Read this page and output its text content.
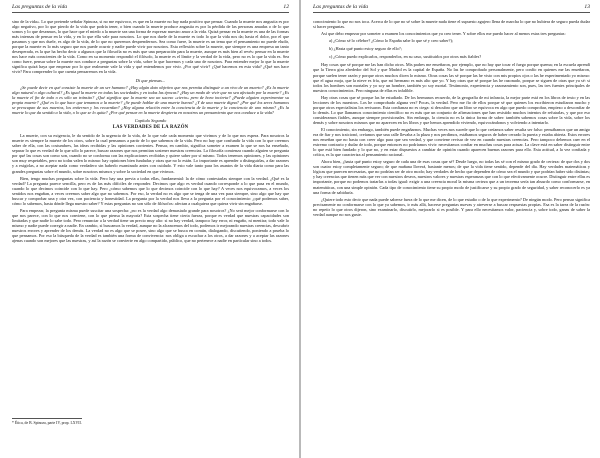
Las preguntas de la vida	12

sino de la vida». Lo que pretende señalar Spinoza, si no me equivoco, es que en la muerte no hay nada positivo que pensar. Cuando la muerte nos angustia es por algo negativo, por lo que pierdo de la vida que podría tener, o bien cuando la muerte produce angustia es por la pérdida de las personas amadas o de lo que somos y lo que deseamos, lo que hace que el miedo a la muerte sea una forma de expresar nuestro amor a la vida. Quizá pensar en la muerte es una de las formas más intensas de pensar en la vida, y en lo que ella vale para nosotros. Lo que nos duele de la muerte es todo lo que la vida nos da; hasta el dolor, por el que pasamos y que nos duele, es algo de la vida, de lo que no queremos desprendernos. Sea como fuere, la muerte es un tema que el pensamiento no puede eludir, porque la muerte es lo más seguro que nos puede ocurrir y nadie puede vivir por nosotros. Esta reflexión sobre la muerte, que siempre es una empresa un tanto desesperada, es la que ha hecho decir a algunos que la filosofía no es más que una preparación para la muerte, aunque es más bien al revés: pensar en la muerte nos hace más conscientes de la vida. Como en su momento respondió el filósofo, la muerte es el límite y la verdad de la vida, pero no es lo que la vida es. Sea como fuere, pensar sobre la muerte nos conduce a preguntas sobre la vida, sobre lo que hacemos y cada uno de nosotros. Para entender mejor lo que la muerte significa quizá haya que empezar por lo que realmente vale la vida y qué entendemos por vivir. ¿Por qué vivir? ¿Qué hacemos en esta vida? ¿Qué nos hace vivir? Para comprender lo que cuenta pensaremos en la vida.

Di que piensas...

¿Se puede decir en qué consiste la muerte de un ser humano? ¿Hay algún dato objetivo que nos permita distinguir a un vivo de un muerto? ¿Es la muerte algo natural o algo cultural? ¿Es igual la muerte en todas las sociedades y en todas las épocas? ¿Hay un modo de vivir que no sea afectado por la muerte? ¿Es la muerte el fin de todo o es sólo un tránsito? ¿Qué significa que la muerte sea un suceso «cierto» pero de hora incierta? ¿Puede alguien experimentar su propia muerte? ¿Qué es lo que hace que temamos a la muerte? ¿Se puede hablar de una muerte buena? ¿Y de una muerte digna? ¿Por qué los seres humanos se preocupan de sus muertos, los entierran y los recuerdan? ¿Hay alguna relación entre la conciencia de la muerte y la conciencia de uno mismo? ¿Es la muerte lo que da sentido a la vida, o lo que se lo quita? ¿Por qué pensar en la muerte despierta en nosotros un pensamiento que nos conduce a la vida?

Capítulo Segundo
LAS VERDADES DE LA RAZÓN

La muerte, con su exigencia, le da sentido de la urgencia de la vida, de lo que vale cada momento que vivimos y de lo que nos espera. Para nosotros la muerte es siempre la muerte de los otros, sobre la cual pensamos a partir de lo que sabemos de la vida. Pero no hay que confundir la vida con lo que creemos saber de ella, con las costumbres, las ideas recibidas y las opiniones corrientes. Pensar, en cambio, significa someter a examen lo que se nos ha enseñado, separar lo que es verdad de lo que sólo lo parece, buscar razones que nos permitan sostener nuestras creencias. La filosofía comienza cuando alguien se pregunta por qué las cosas son como son, cuando no se conforma con las explicaciones recibidas y quiere saber por sí mismo. Todos tenemos opiniones, y las opiniones son muy respetables, pero no todas valen lo mismo: hay opiniones bien fundadas y otras que no lo están. Lo importante es aprender a distinguirlas, a dar razones y a exigirlas, a no aceptar nada como verdadero sin haberlo examinado antes con cuidado. Y esto vale tanto para los asuntos de la vida diaria como para las grandes preguntas sobre el mundo, sobre nosotros mismos y sobre la sociedad en que vivimos.

Bien, tengo muchas preguntas sobre la vida. Pero hay una previa a todas ellas, fundamental: la de cómo contestarlas siempre con la verdad. ¿Qué es la verdad? La pregunta parece sencilla, pero es de las más difíciles de responder. Decimos que algo es verdad cuando corresponde a lo que pasa en el mundo, cuando lo que decimos coincide con lo que hay. Pero ¿cómo sabemos que lo que decimos coincide con lo que hay? A veces nos equivocamos, a veces los sentidos nos engañan, a veces creemos saber algo que no sabemos. Por eso, la verdad no es algo que se tenga de una vez para siempre, sino algo que hay que buscar y comprobar una y otra vez, con paciencia y honestidad. La pregunta por la verdad nos lleva a la pregunta por el conocimiento: ¿qué podemos saber, cómo lo sabemos, hasta dónde llega nuestro saber? Y estas preguntas no son sólo de filósofos: afectan a cualquiera que quiera vivir sin engañarse.

Para empezar, la pregunta misma puede suscitar una sospecha: ¿no es la verdad algo demasiado grande para nosotros? ¿No será mejor conformarse con lo que nos parece, con lo que nos conviene, con lo que piensa la mayoría? Esta sospecha tiene cierta fuerza, porque es verdad que nuestras capacidades son limitadas y que nadie lo sabe todo. Pero renunciar a la verdad tiene un precio muy alto: si no hay verdad, tampoco hay error, ni engaño, ni mentira; todo vale lo mismo y nadie puede corregir a nadie. En cambio, si buscamos la verdad, aunque no la alcancemos del todo, podemos ir mejorando nuestras creencias, descubrir nuestros errores y aprender de los demás. La verdad no es algo que se posee, sino algo que se busca en común, dialogando, discutiendo, poniendo a prueba lo que pensamos. Por eso la búsqueda de la verdad es también una forma de convivencia: nos obliga a escuchar a los otros, a dar razones y a aceptar las razones ajenas cuando son mejores que las nuestras, y así la razón se convierte en algo compartido, público, que no pertenece a nadie en particular sino a todos.

* Ética, de B. Spinoza, parte IV, prop. LXVII.
Las preguntas de la vida	13

conocimiento lo que no nos toca. Acerca de lo que no sé sobre la muerte nada tiene el supuesto agujero llena de marcha lo que no hubiera de seguro pueda dudar si hacer preguntas.

Así que debo empezar por someter a examen los conocimientos que ya creo tener. Y sobre ellos me puedo hacer al menos estas tres preguntas:

a) ¿Cómo sé lo célebre? ¿Cómo lo España sabe lo que sé y creo saber?);
b) ¿Hasta qué punto estoy seguro de ello?;
c) ¿Cómo puedo explicarlos, responderlos, en su caso, sustituirlos por otros más fiables?

Hay cosas que sé porque me las han dicho otros. Mis padres me enseñaron, por ejemplo, que no hay que tocar el fuego porque quema; en la escuela aprendí que la Tierra gira alrededor del Sol y que Madrid es la capital de España. No las he comprobado personalmente, pero confío en quienes me las enseñaron, porque suelen tener razón y porque otros muchos dicen lo mismo. Otras cosas las sé porque las he visto con mis propios ojos o las he experimentado yo mismo: que el agua moja, que la nieve es fría, que mi hermano es más alto que yo. Y hay otras que sé porque las he razonado, porque se siguen de otras que ya sé: si todos los hombres son mortales y yo soy un hombre, también yo soy mortal. Testimonio, experiencia y razonamiento son, pues, las tres fuentes principales de nuestros conocimientos. Pero ninguna de ellas es infalible.

Hay otras cosas que sé porque las he estudiado. De los hermanos recuerdo, de la geografía de mi infancia, la mejor parte está en los libros de texto y en las lecciones de los maestros. Los he comprobado alguna vez? Pocas, la verdad. Pero me fío de ellos porque sé que quienes los escribieron estudiaron mucho y porque otros especialistas los revisaron. Esta confianza no es ciega: si descubro que un libro se equivoca en algo que puedo comprobar, empiezo a desconfiar de lo demás. Lo que llamamos conocimiento científico no es más que un conjunto de afirmaciones que han resistido muchos intentos de refutarlas, y que por eso consideramos fiables, aunque siempre provisionales. Sin embargo, la ciencia no es la única forma de saber: también sabemos cosas sobre la vida, sobre los demás y sobre nosotros mismos que no aparecen en los libros y que hemos aprendido viviendo, equivocándonos y volviendo a intentarlo.

El conocimiento, sin embargo, también puede engañarnos. Muchas veces nos sucede que lo que creíamos saber resulta ser falso: pensábamos que un amigo era de fiar y nos traicionó, creíamos que una calle llevaba a la plaza y nos perdimos, estábamos seguros de haber cerrado la puerta y estaba abierta. Estos errores nos enseñan que no basta con creer algo para que sea verdad, y que conviene revisar de vez en cuando nuestras creencias. Pero tampoco debemos caer en el extremo contrario y dudar de todo, porque entonces no podríamos vivir: necesitamos confiar en muchas cosas para actuar. La clave está en saber distinguir entre lo que está bien fundado y lo que no, y en estar dispuestos a cambiar de opinión cuando aparecen buenas razones para ello. Esta actitud, a la vez confiada y crítica, es la que caracteriza al pensamiento racional.

Ahora bien, ¿hasta qué punto estoy seguro de cada una de esas cosas que sé? Desde luego, no todas las sé con el mismo grado de certeza: de que dos y dos son cuatro estoy completamente seguro; de que mañana lloverá, bastante menos; de que la vida tiene sentido, depende del día. Hay verdades matemáticas y lógicas que parecen necesarias, que no podrían ser de otro modo; hay verdades de hecho que dependen de cómo sea el mundo y que podrían haber sido distintas; y hay creencias que tienen más que ver con nuestros deseos, nuestros valores y nuestras esperanzas que con lo que efectivamente ocurre. Distinguir entre ellas es importante, porque no podemos tratarlas a todas igual: exigir a una creencia moral la misma certeza que a un teorema sería tan absurdo como conformarse, en matemáticas, con una simple opinión. Cada tipo de conocimiento tiene su propio modo de justificarse y su propio grado de seguridad, y saber reconocerlo es ya una forma de sabiduría.

¿Quiere todo esto decir que nada puede saberse fuera de lo que me dicen, de lo que estudio o de lo que experimento? De ningún modo. Pero pensar significa precisamente no conformarse con lo que ya sabemos, ir más allá, hacerse preguntas nuevas y atreverse a buscar respuestas propias. Esa es la tarea de la razón: no repetir lo que otros dijeron, sino examinarlo, discutirlo, mejorarlo si es posible. Y para ello necesitamos valor, paciencia y, sobre todo, ganas de saber la verdad aunque no nos guste.
